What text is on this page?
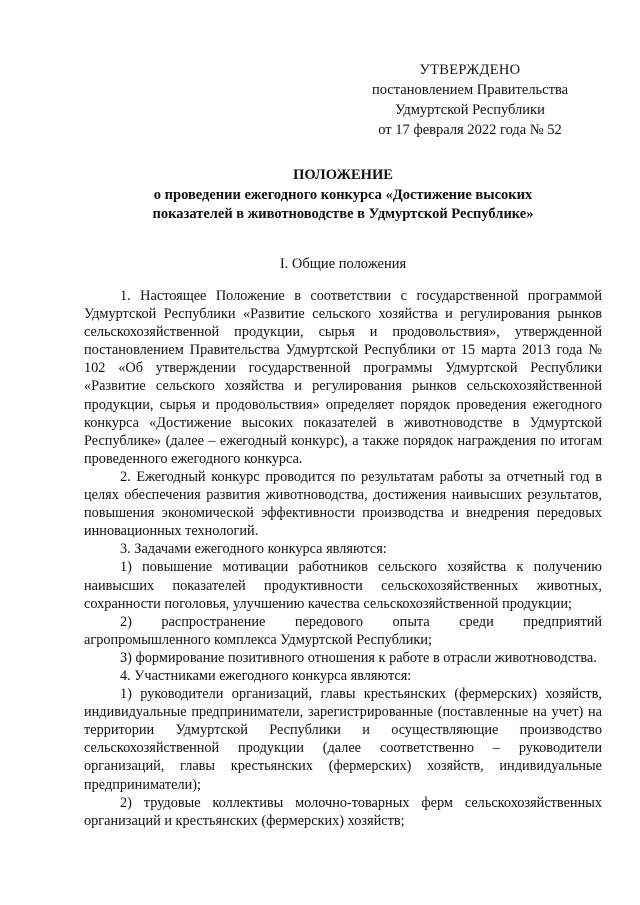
УТВЕРЖДЕНО
постановлением Правительства
Удмуртской Республики
от 17 февраля 2022 года № 52
ПОЛОЖЕНИЕ
о проведении ежегодного конкурса «Достижение высоких
показателей в животноводстве в Удмуртской Республике»
I. Общие положения

1. Настоящее Положение в соответствии с государственной программой Удмуртской Республики «Развитие сельского хозяйства и регулирования рынков сельскохозяйственной продукции, сырья и продовольствия», утвержденной постановлением Правительства Удмуртской Республики от 15 марта 2013 года № 102 «Об утверждении государственной программы Удмуртской Республики «Развитие сельского хозяйства и регулирования рынков сельскохозяйственной продукции, сырья и продовольствия» определяет порядок проведения ежегодного конкурса «Достижение высоких показателей в животноводстве в Удмуртской Республике» (далее – ежегодный конкурс), а также порядок награждения по итогам проведенного ежегодного конкурса.

2. Ежегодный конкурс проводится по результатам работы за отчетный год в целях обеспечения развития животноводства, достижения наивысших результатов, повышения экономической эффективности производства и внедрения передовых инновационных технологий.

3. Задачами ежегодного конкурса являются:

1) повышение мотивации работников сельского хозяйства к получению наивысших показателей продуктивности сельскохозяйственных животных, сохранности поголовья, улучшению качества сельскохозяйственной продукции;

2) распространение передового опыта среди предприятий агропромышленного комплекса Удмуртской Республики;

3) формирование позитивного отношения к работе в отрасли животноводства.

4. Участниками ежегодного конкурса являются:

1) руководители организаций, главы крестьянских (фермерских) хозяйств, индивидуальные предприниматели, зарегистрированные (поставленные на учет) на территории Удмуртской Республики и осуществляющие производство сельскохозяйственной продукции (далее соответственно – руководители организаций, главы крестьянских (фермерских) хозяйств, индивидуальные предприниматели);

2) трудовые коллективы молочно-товарных ферм сельскохозяйственных организаций и крестьянских (фермерских) хозяйств;
